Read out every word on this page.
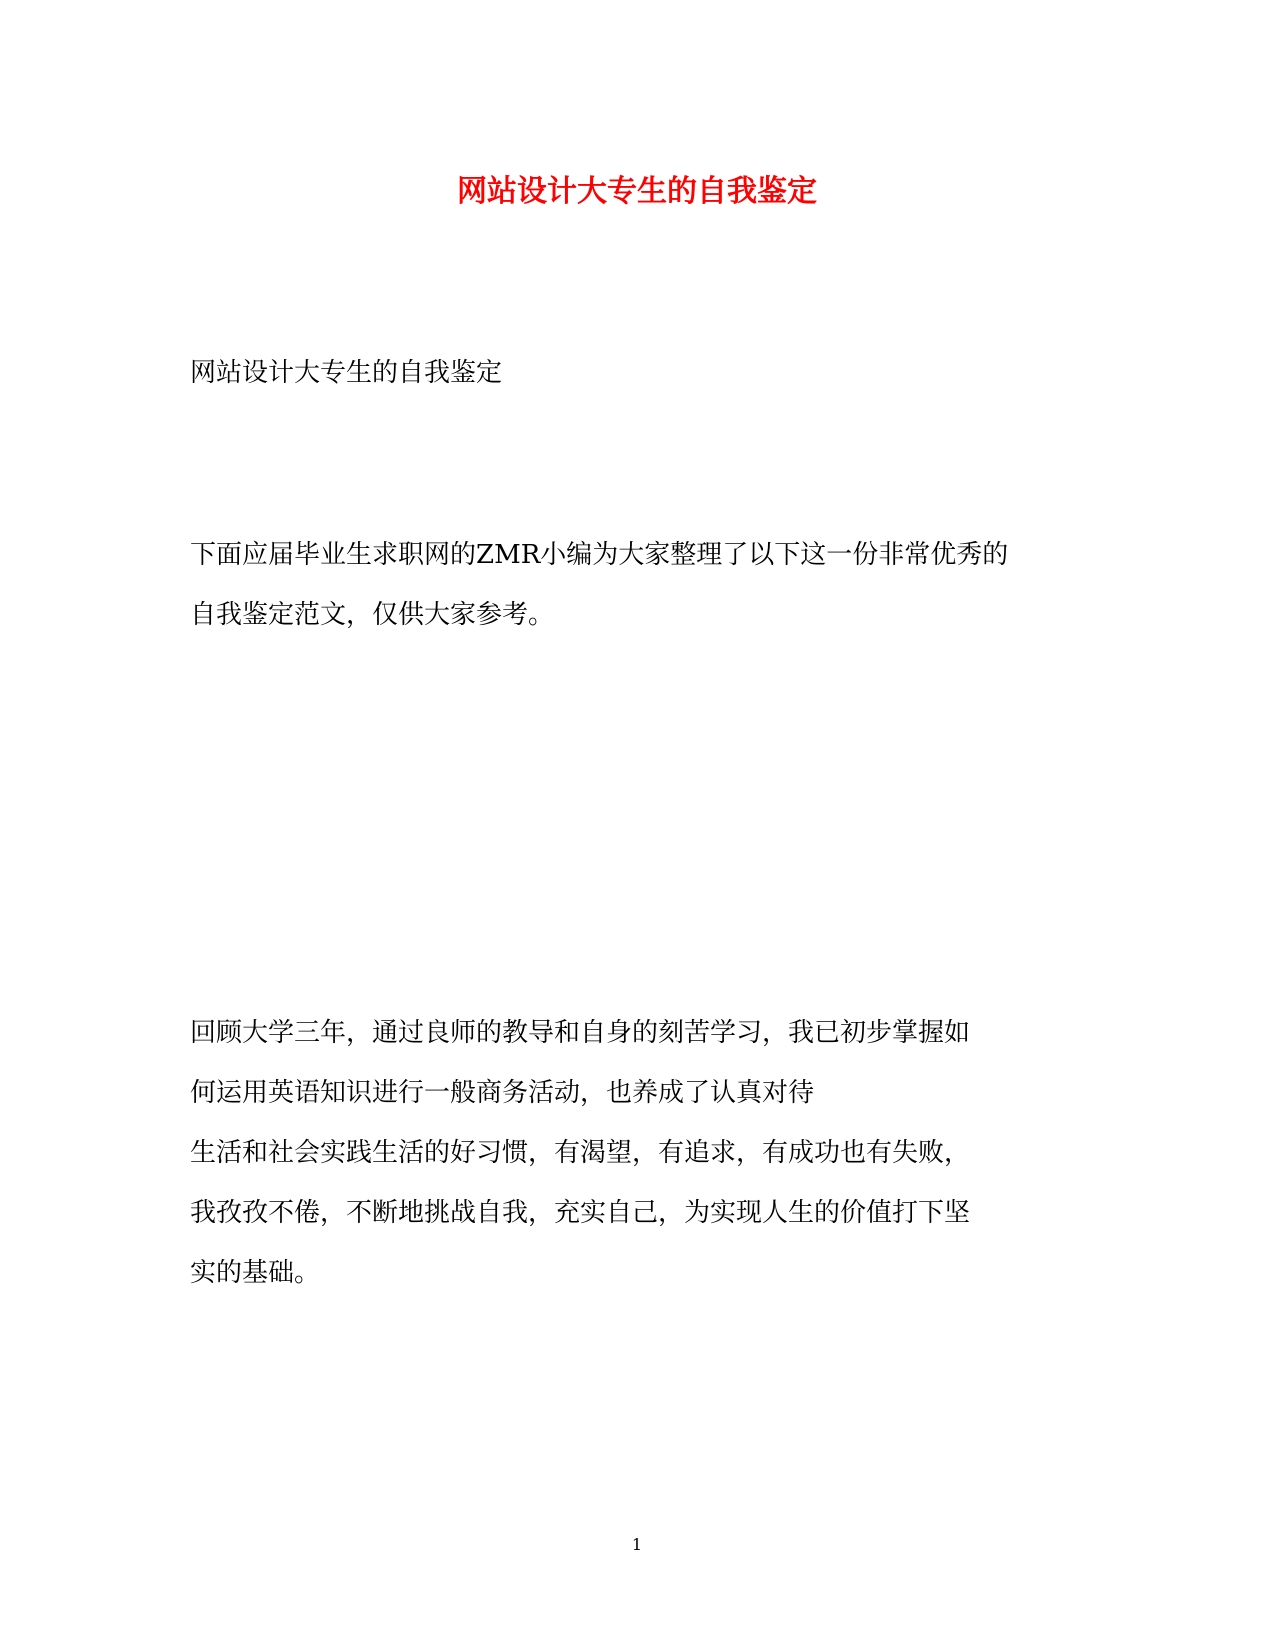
网站设计大专生的自我鉴定
网站设计大专生的自我鉴定
下面应届毕业生求职网的ZMR小编为大家整理了以下这一份非常优秀的
自我鉴定范文，仅供大家参考。
回顾大学三年，通过良师的教导和自身的刻苦学习，我已初步掌握如
何运用英语知识进行一般商务活动，也养成了认真对待
生活和社会实践生活的好习惯，有渴望，有追求，有成功也有失败，
我孜孜不倦，不断地挑战自我，充实自己，为实现人生的价值打下坚
实的基础。
1
